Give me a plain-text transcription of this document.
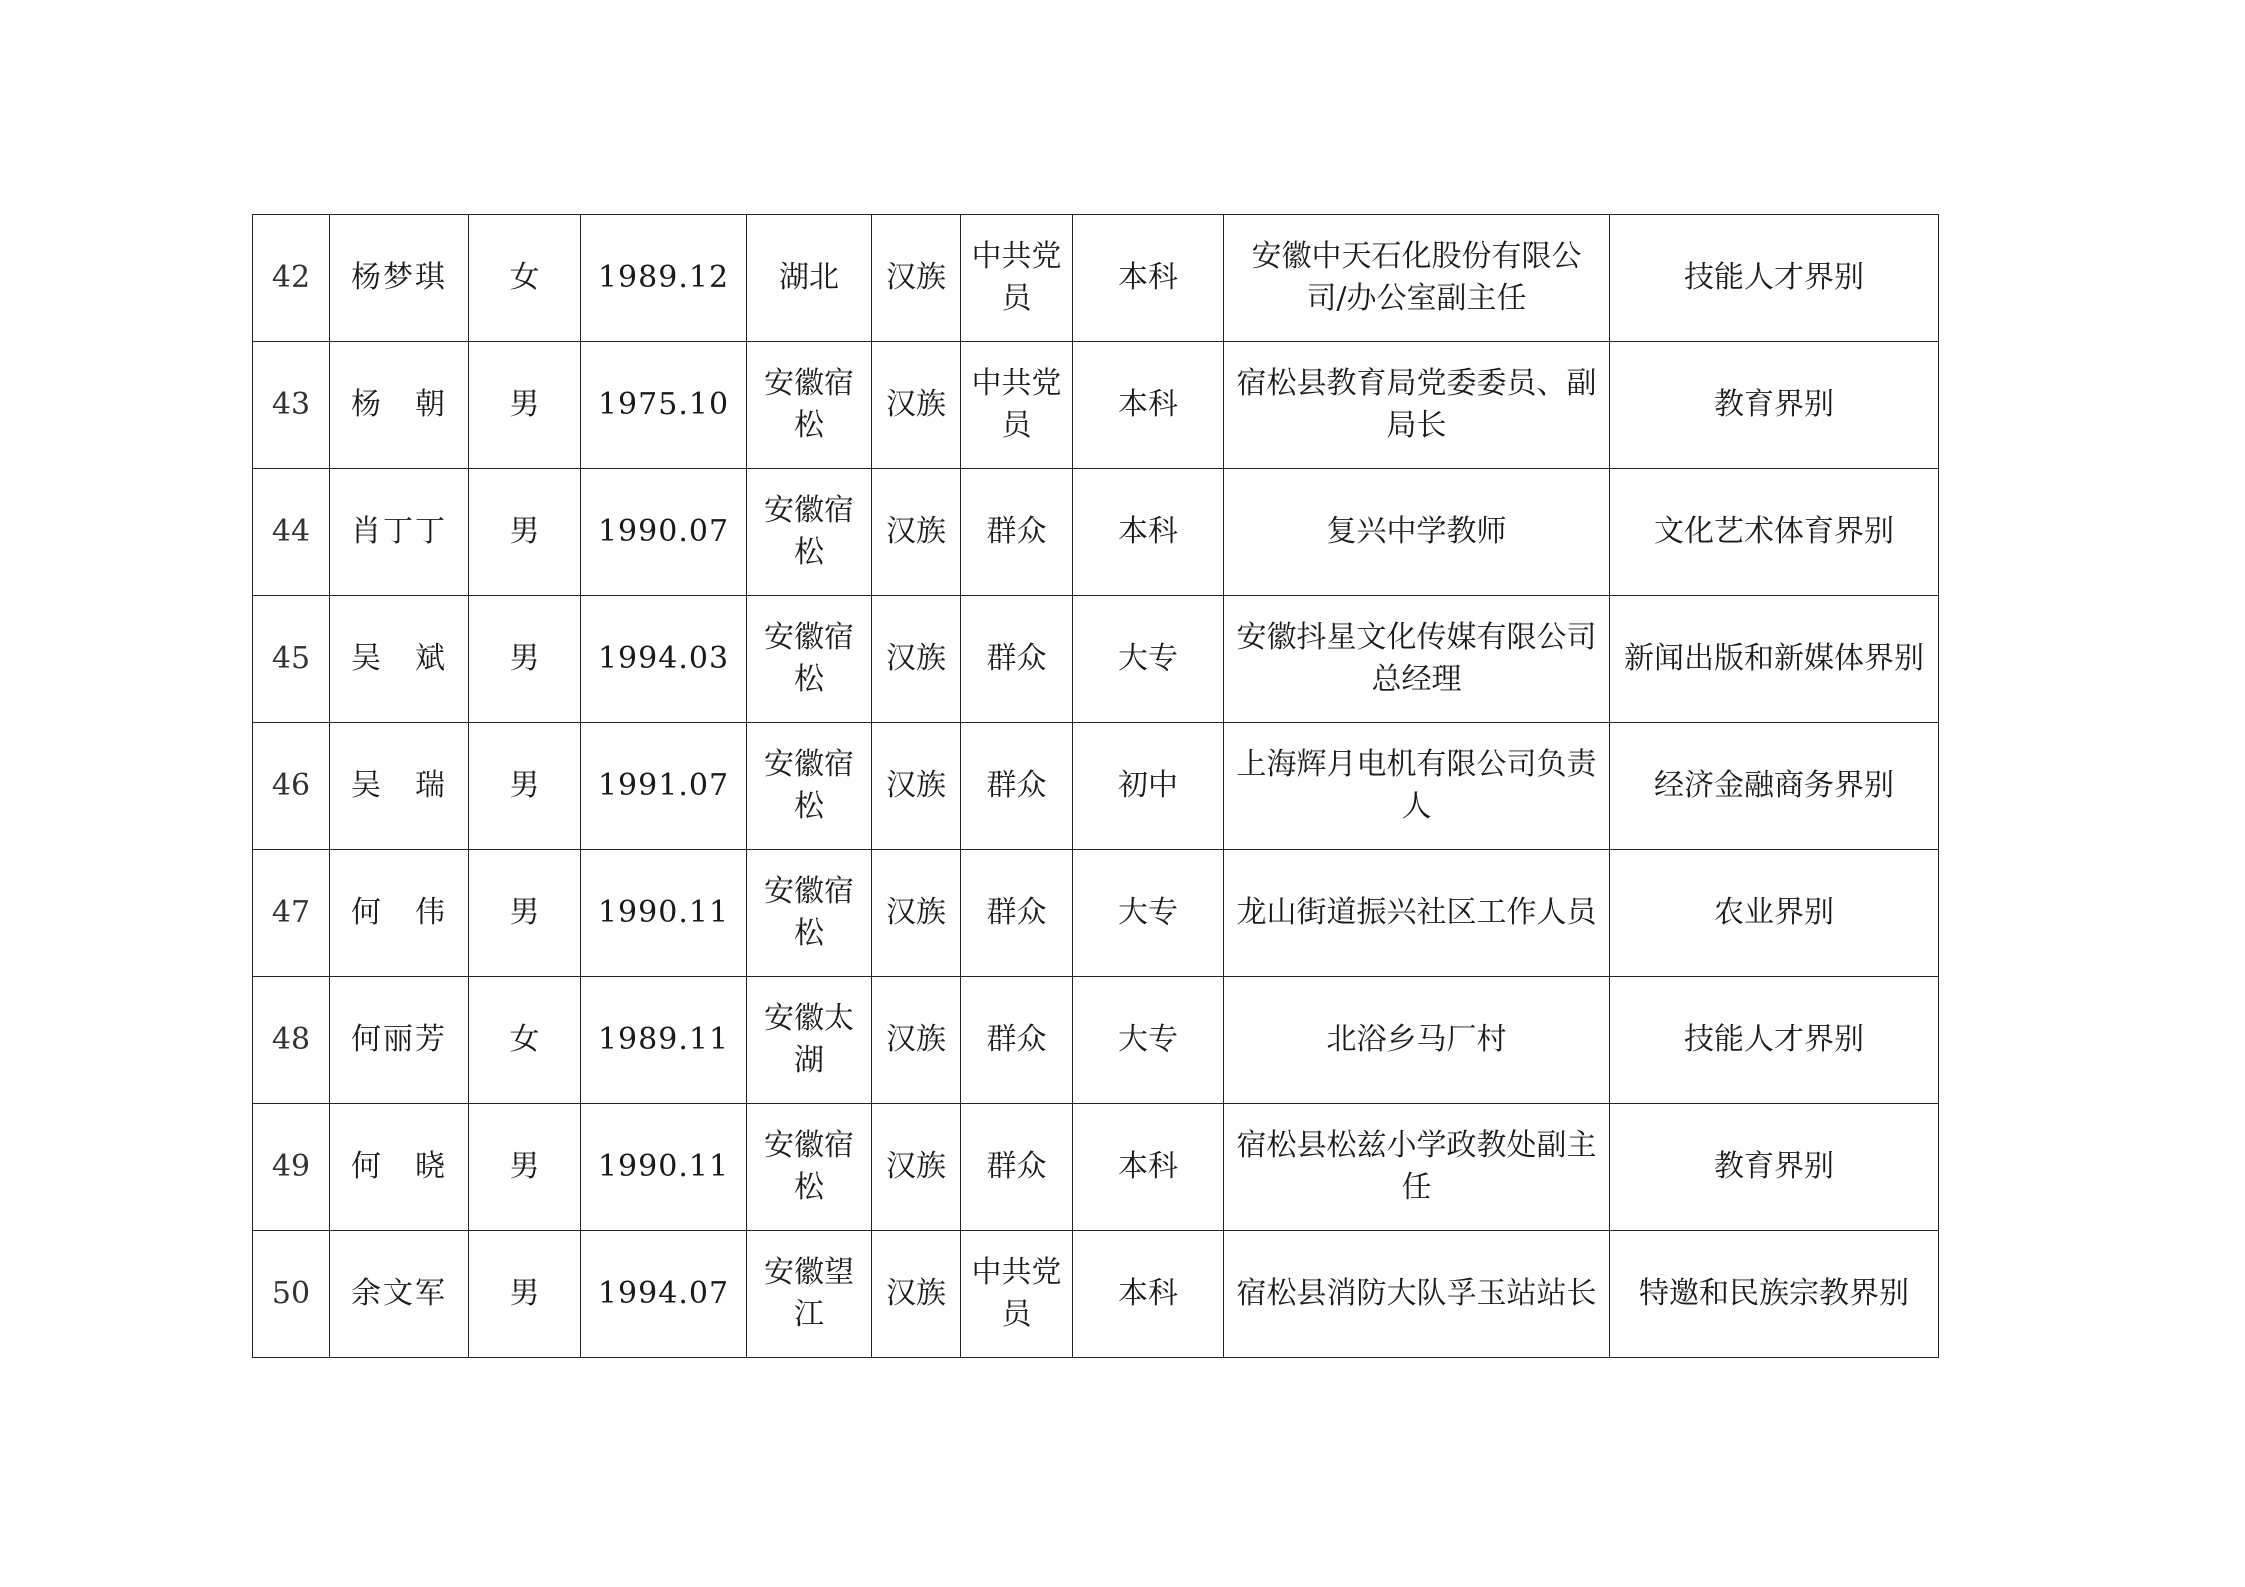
42	杨梦琪	女	1989.12	湖北	汉族	中共党员	本科	安徽中天石化股份有限公司/办公室副主任	技能人才界别
43	杨　朝	男	1975.10	安徽宿松	汉族	中共党员	本科	宿松县教育局党委委员、副局长	教育界别
44	肖丁丁	男	1990.07	安徽宿松	汉族	群众	本科	复兴中学教师	文化艺术体育界别
45	吴　斌	男	1994.03	安徽宿松	汉族	群众	大专	安徽抖星文化传媒有限公司总经理	新闻出版和新媒体界别
46	吴　瑞	男	1991.07	安徽宿松	汉族	群众	初中	上海辉月电机有限公司负责人	经济金融商务界别
47	何　伟	男	1990.11	安徽宿松	汉族	群众	大专	龙山街道振兴社区工作人员	农业界别
48	何丽芳	女	1989.11	安徽太湖	汉族	群众	大专	北浴乡马厂村	技能人才界别
49	何　晓	男	1990.11	安徽宿松	汉族	群众	本科	宿松县松兹小学政教处副主任	教育界别
50	余文军	男	1994.07	安徽望江	汉族	中共党员	本科	宿松县消防大队孚玉站站长	特邀和民族宗教界别
